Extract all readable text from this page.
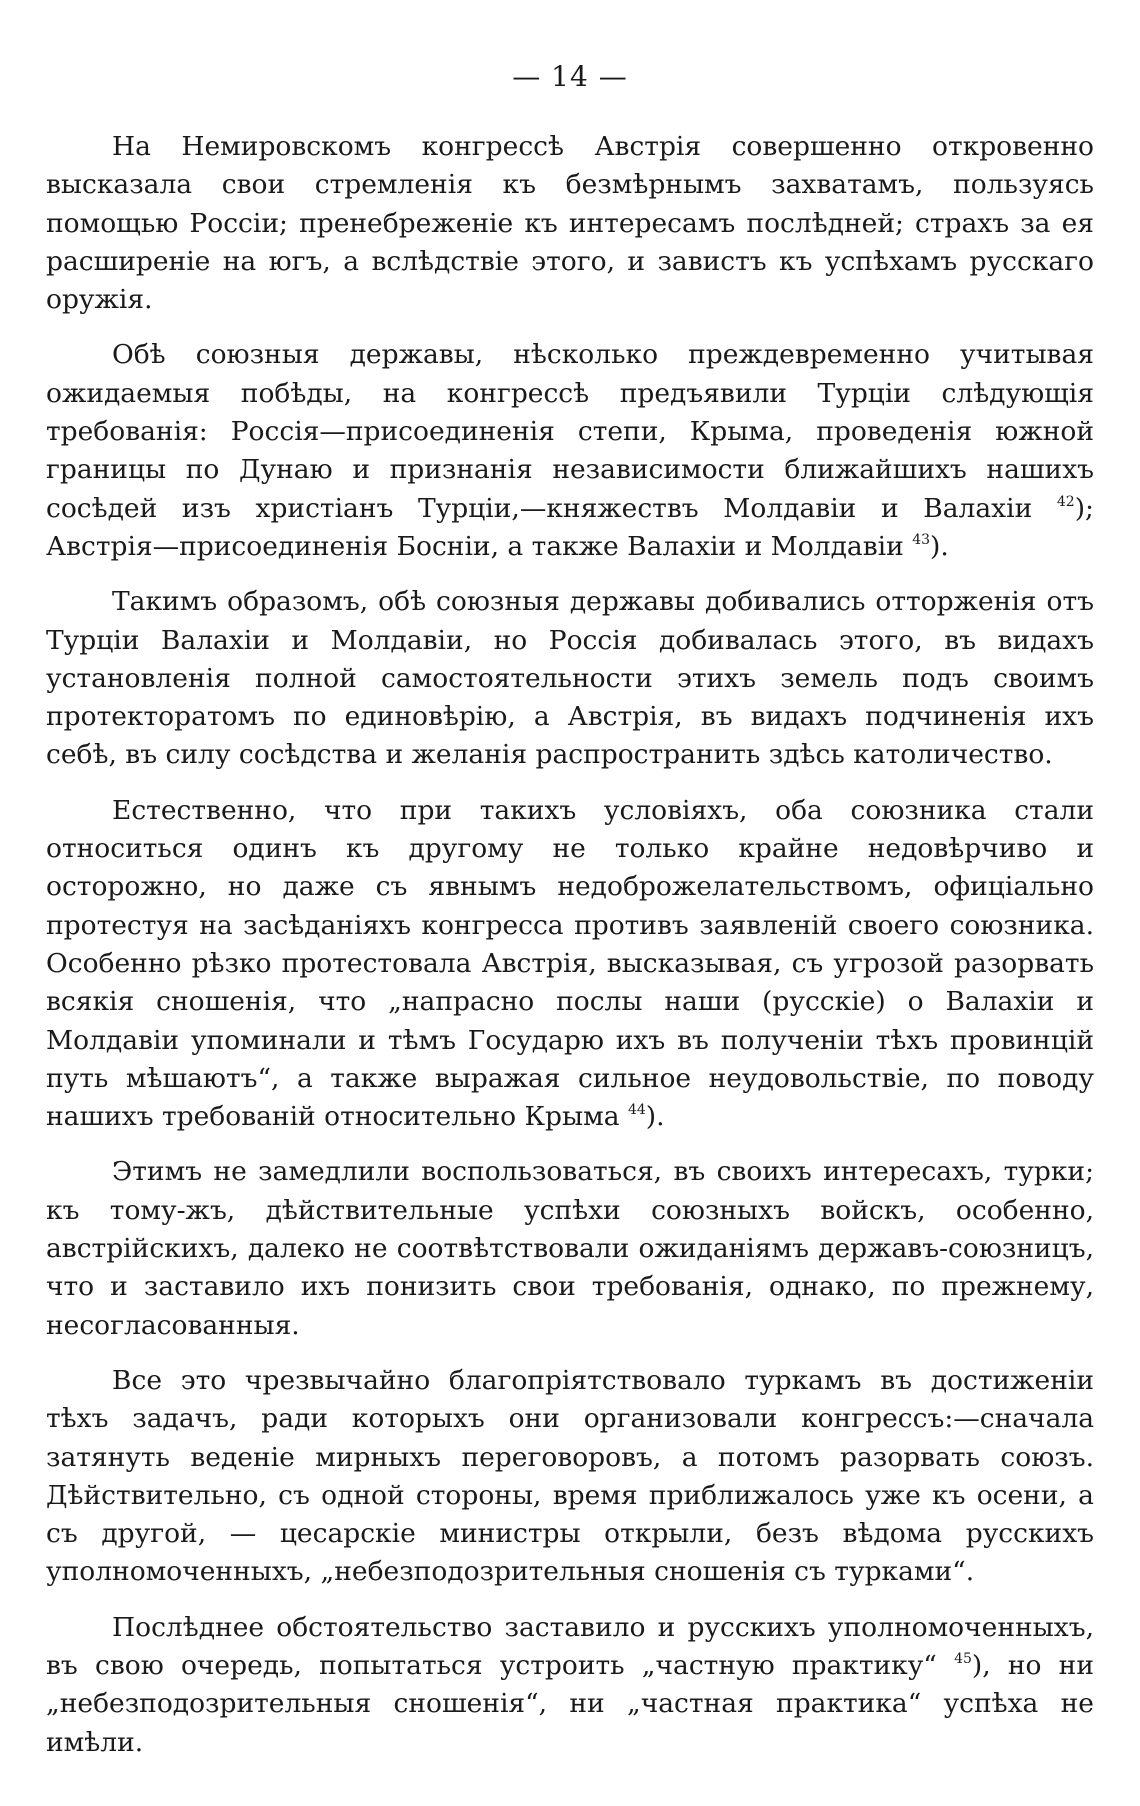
— 14 —

На Немировскомъ конгрессѣ Австрія совершенно откровенно высказала свои стремленія къ безмѣрнымъ захватамъ, пользуясь помощью Россіи; пренебреженіе къ интересамъ послѣдней; страхъ за ея расширеніе на югъ, а вслѣдствіе этого, и завистъ къ успѣхамъ русскаго оружія.

Обѣ союзныя державы, нѣсколько преждевременно учитывая ожидаемыя побѣды, на конгрессѣ предъявили Турціи слѣдующія требованія: Россія—присоединенія степи, Крыма, проведенія южной границы по Дунаю и признанія независимости ближайшихъ нашихъ сосѣдей изъ христіанъ Турціи,—княжествъ Молдавіи и Валахіи $^{42}$); Австрія—присоединенія Босніи, а также Валахіи и Молдавіи $^{43}$).

Такимъ образомъ, обѣ союзныя державы добивались отторженія отъ Турціи Валахіи и Молдавіи, но Россія добивалась этого, въ видахъ установленія полной самостоятельности этихъ земель подъ своимъ протекторатомъ по единовѣрію, а Австрія, въ видахъ подчиненія ихъ себѣ, въ силу сосѣдства и желанія распространить здѣсь католичество.

Естественно, что при такихъ условіяхъ, оба союзника стали относиться одинъ къ другому не только крайне недовѣрчиво и осторожно, но даже съ явнымъ недоброжелательствомъ, офиціально протестуя на засѣданіяхъ конгресса противъ заявленій своего союзника. Особенно рѣзко протестовала Австрія, высказывая, съ угрозой разорвать всякія сношенія, что „напрасно послы наши (русскіе) о Валахіи и Молдавіи упоминали и тѣмъ Государю ихъ въ полученіи тѣхъ провинцій путь мѣшаютъ“, а также выражая сильное неудовольствіе, по поводу нашихъ требованій относительно Крыма $^{44}$).

Этимъ не замедлили воспользоваться, въ своихъ интересахъ, турки; къ тому-жъ, дѣйствительные успѣхи союзныхъ войскъ, особенно, австрійскихъ, далеко не соотвѣтствовали ожиданіямъ державъ-союзницъ, что и заставило ихъ понизить свои требованія, однако, по прежнему, несогласованныя.

Все это чрезвычайно благопріятствовало туркамъ въ достиженіи тѣхъ задачъ, ради которыхъ они организовали конгрессъ:—сначала затянуть веденіе мирныхъ переговоровъ, а потомъ разорвать союзъ. Дѣйствительно, съ одной стороны, время приближалось уже къ осени, а съ другой, — цесарскіе министры открыли, безъ вѣдома русскихъ уполномоченныхъ, „небезподозрительныя сношенія съ турками“.

Послѣднее обстоятельство заставило и русскихъ уполномоченныхъ, въ свою очередь, попытаться устроить „частную практику“ $^{45}$), но ни „небезподозрительныя сношенія“, ни „частная практика“ успѣха не имѣли.
